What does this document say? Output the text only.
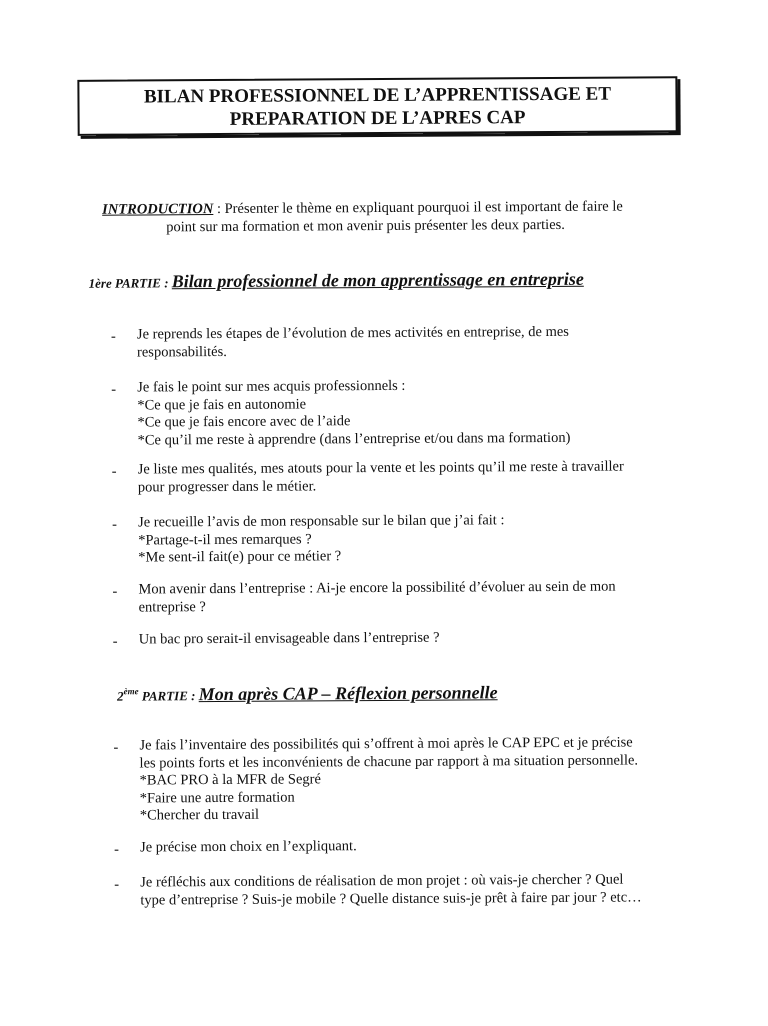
BILAN PROFESSIONNEL DE L’APPRENTISSAGE ET
PREPARATION DE L’APRES CAP
INTRODUCTION : Présenter le thème en expliquant pourquoi il est important de faire le
point sur ma formation et mon avenir puis présenter les deux parties.
1ère PARTIE : Bilan professionnel de mon apprentissage en entreprise
- Je reprends les étapes de l’évolution de mes activités en entreprise, de mes
responsabilités.
- Je fais le point sur mes acquis professionnels :
*Ce que je fais en autonomie
*Ce que je fais encore avec de l’aide
*Ce qu’il me reste à apprendre (dans l’entreprise et/ou dans ma formation)
- Je liste mes qualités, mes atouts pour la vente et les points qu’il me reste à travailler
pour progresser dans le métier.
- Je recueille l’avis de mon responsable sur le bilan que j’ai fait :
*Partage-t-il mes remarques ?
*Me sent-il fait(e) pour ce métier ?
- Mon avenir dans l’entreprise : Ai-je encore la possibilité d’évoluer au sein de mon
entreprise ?
- Un bac pro serait-il envisageable dans l’entreprise ?
2ème PARTIE : Mon après CAP – Réflexion personnelle
- Je fais l’inventaire des possibilités qui s’offrent à moi après le CAP EPC et je précise
les points forts et les inconvénients de chacune par rapport à ma situation personnelle.
*BAC PRO à la MFR de Segré
*Faire une autre formation
*Chercher du travail
- Je précise mon choix en l’expliquant.
- Je réfléchis aux conditions de réalisation de mon projet : où vais-je chercher ? Quel
type d’entreprise ? Suis-je mobile ? Quelle distance suis-je prêt à faire par jour ? etc…
